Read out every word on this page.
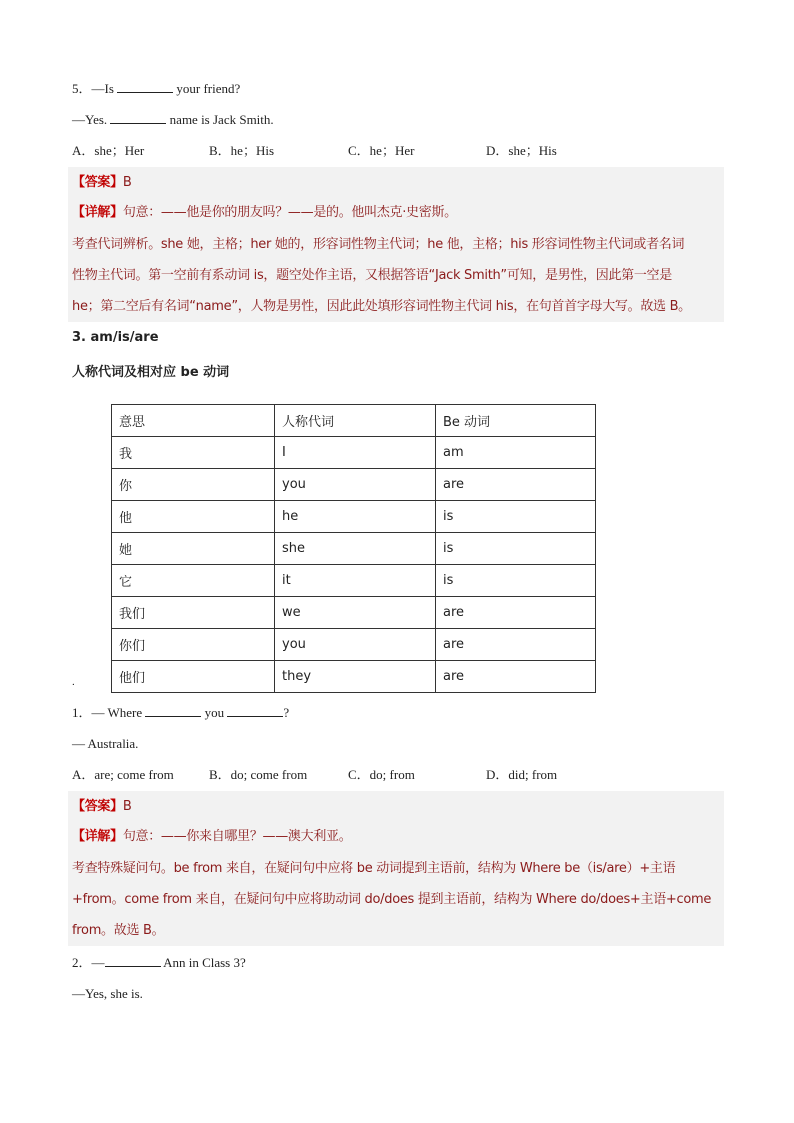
5．—Is	your friend?
—Yes.	name is Jack Smith.
A．she；Her	B．he；His	C．he；Her	D．she；His
【答案】B
【详解】句意：——他是你的朋友吗？——是的。他叫杰克·史密斯。
考查代词辨析。she 她，主格；her 她的，形容词性物主代词；he 他，主格；his 形容词性物主代词或者名词
性物主代词。第一空前有系动词 is，题空处作主语，又根据答语“Jack Smith”可知，是男性，因此第一空是
he；第二空后有名词“name”，人物是男性，因此此处填形容词性物主代词 his，在句首首字母大写。故选 B。
3. am/is/are
人称代词及相对应 be 动词
意思	人称代词	Be 动词
我	I	am
你	you	are
他	he	is
她	she	is
它	it	is
我们	we	are
你们	you	are
他们	they	are
.
1．— Where	you	?
— Australia.
A．are; come from	B．do; come from	C．do; from	D．did; from
【答案】B
【详解】句意：——你来自哪里？——澳大利亚。
考查特殊疑问句。be from 来自，在疑问句中应将 be 动词提到主语前，结构为 Where be（is/are）+主语
+from。come from 来自，在疑问句中应将助动词 do/does 提到主语前，结构为 Where do/does+主语+come
from。故选 B。
2．—	Ann in Class 3?
—Yes, she is.
